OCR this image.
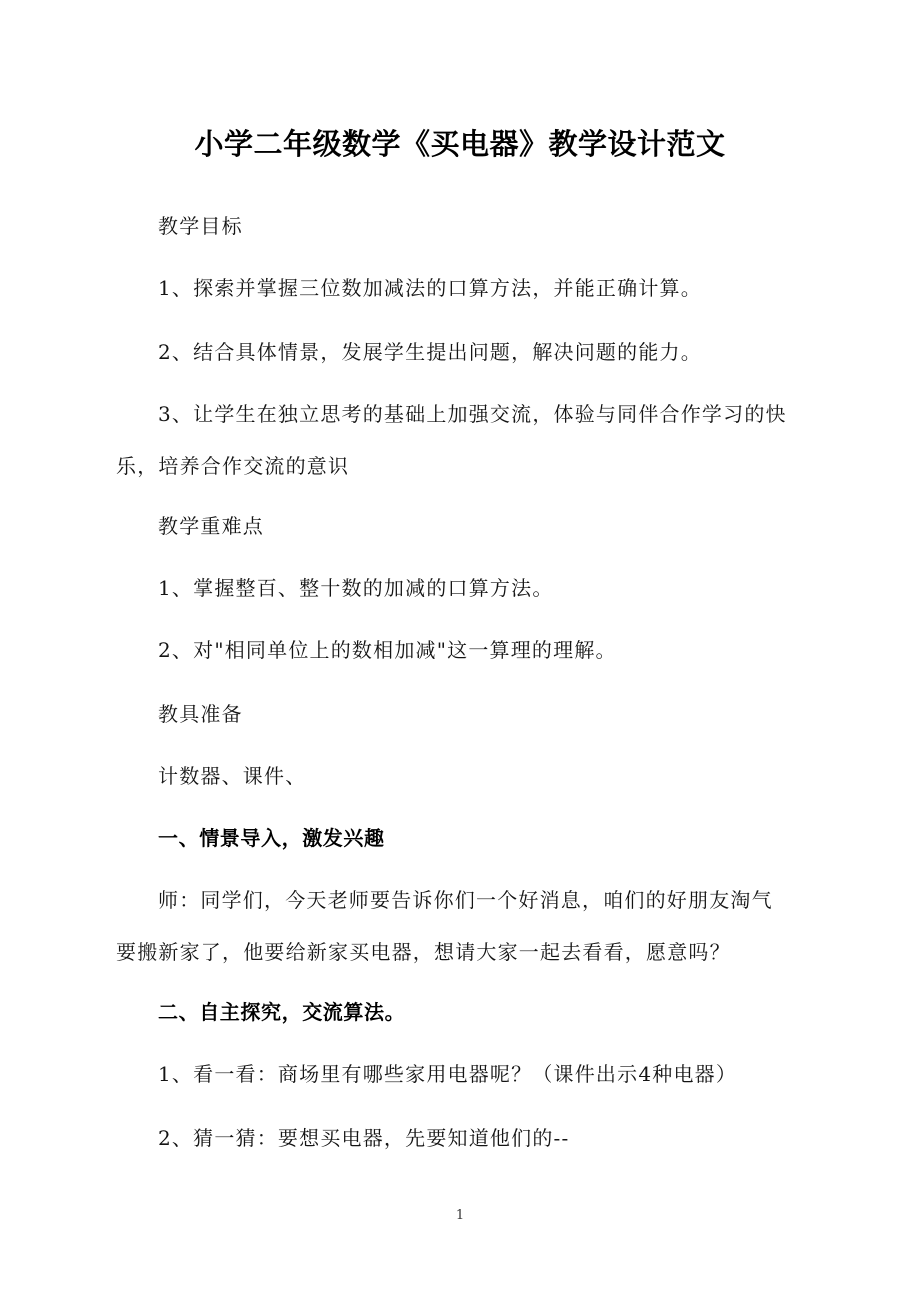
小学二年级数学《买电器》教学设计范文
教学目标
1、探索并掌握三位数加减法的口算方法，并能正确计算。
2、结合具体情景，发展学生提出问题，解决问题的能力。
3、让学生在独立思考的基础上加强交流，体验与同伴合作学习的快
乐，培养合作交流的意识
教学重难点
1、掌握整百、整十数的加减的口算方法。
2、对"相同单位上的数相加减"这一算理的理解。
教具准备
计数器、课件、
一、情景导入，激发兴趣
师：同学们，今天老师要告诉你们一个好消息，咱们的好朋友淘气
要搬新家了，他要给新家买电器，想请大家一起去看看，愿意吗？
二、自主探究，交流算法。
1、看一看：商场里有哪些家用电器呢？（课件出示4种电器）
2、猜一猜：要想买电器，先要知道他们的--
1
